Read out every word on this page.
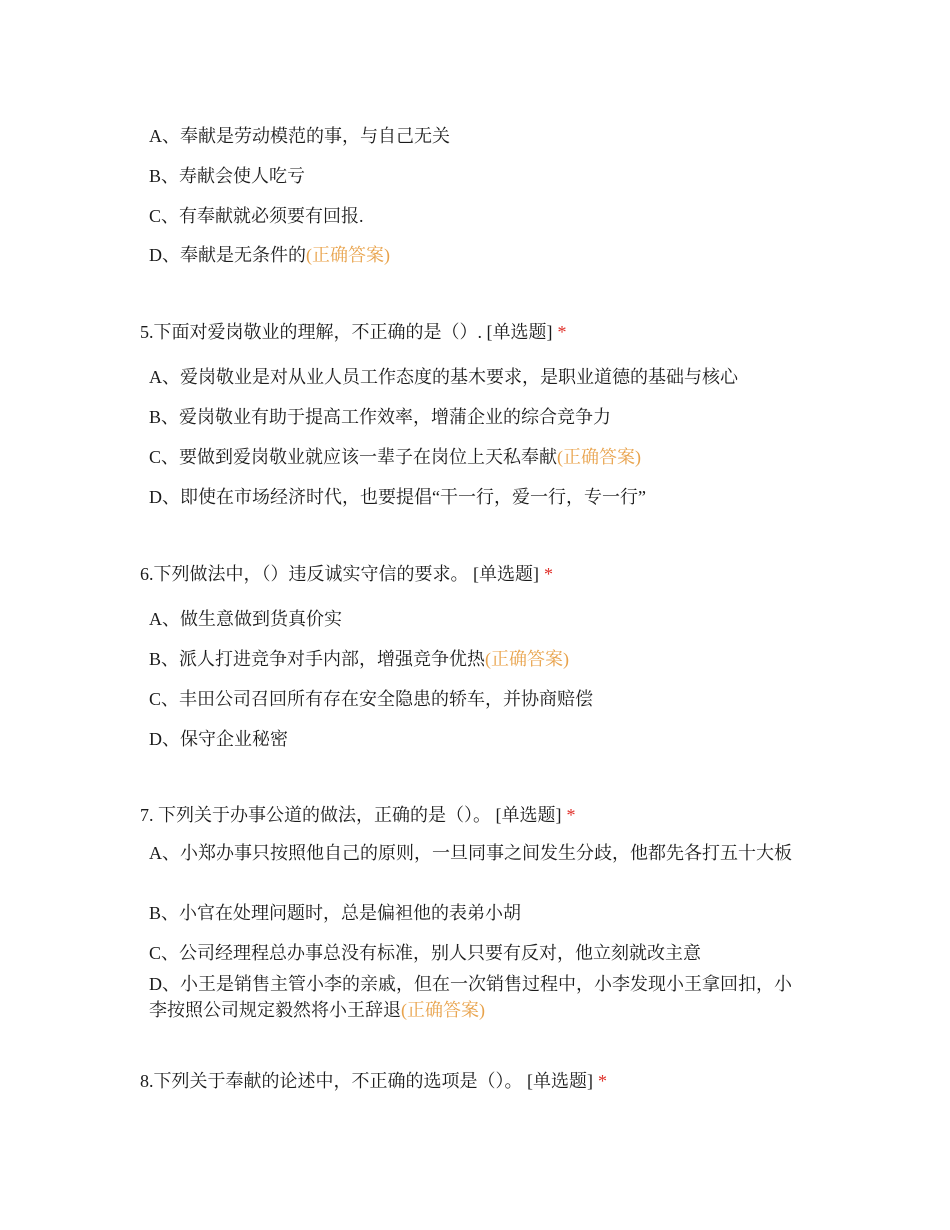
A、奉献是劳动模范的事，与自己无关
B、寿献会使人吃亏
C、有奉献就必须要有回报.
D、奉献是无条件的(正确答案)
5.下面对爱岗敬业的理解，不正确的是（）. [单选题] *
A、爱岗敬业是对从业人员工作态度的基木要求，是职业道德的基础与核心
B、爱岗敬业有助于提高工作效率，增蒲企业的综合竞争力
C、要做到爱岗敬业就应该一辈子在岗位上天私奉献(正确答案)
D、即使在市场经济时代，也要提倡“干一行，爱一行，专一行”
6.下列做法中，（）违反诚实守信的要求。 [单选题] *
A、做生意做到货真价实
B、派人打进竞争对手内部，增强竞争优热(正确答案)
C、丰田公司召回所有存在安全隐患的轿车，并协商赔偿
D、保守企业秘密
7. 下列关于办事公道的做法，正确的是（）。 [单选题] *
A、小郑办事只按照他自己的原则，一旦同事之间发生分歧，他都先各打五十大板
B、小官在处理问题时，总是偏袒他的表弟小胡
C、公司经理程总办事总没有标准，别人只要有反对，他立刻就改主意
D、小王是销售主管小李的亲戚，但在一次销售过程中，小李发现小王拿回扣，小李按照公司规定毅然将小王辞退(正确答案)
8.下列关于奉献的论述中，不正确的选项是（）。 [单选题] *
